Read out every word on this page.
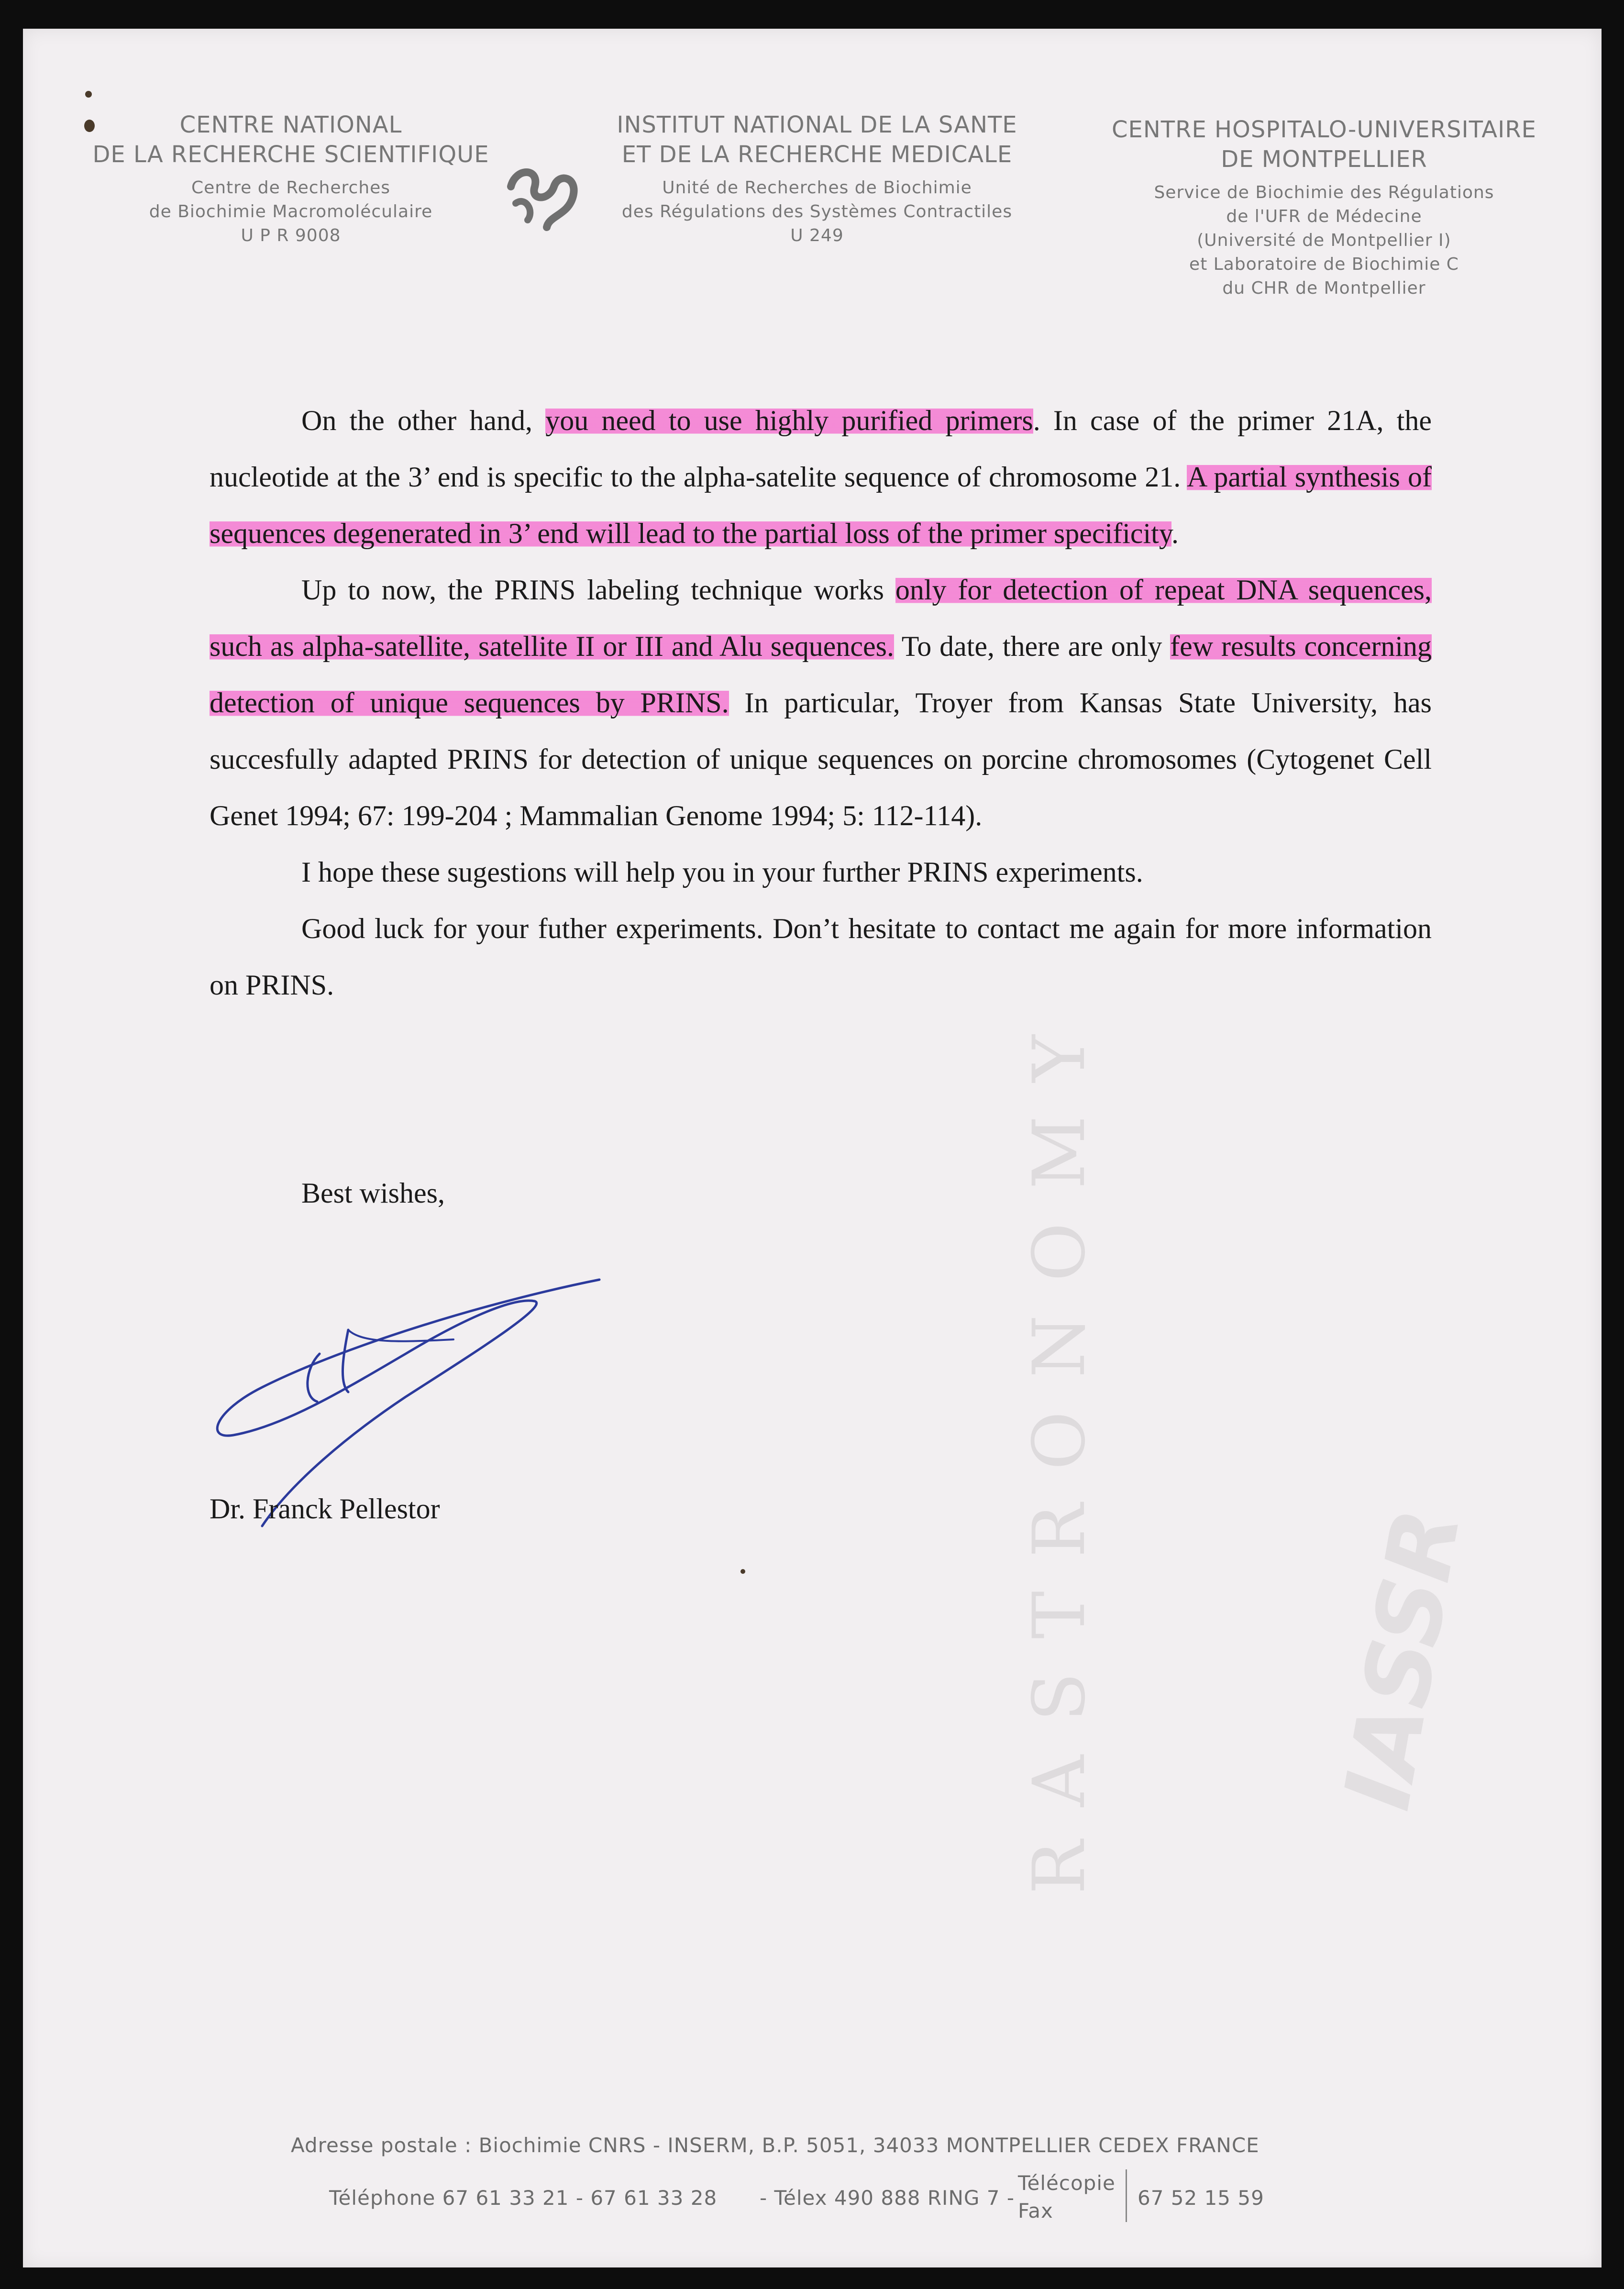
CENTRE NATIONAL
DE LA RECHERCHE SCIENTIFIQUE
Centre de Recherches
de Biochimie Macromoléculaire
U P R 9008
INSTITUT NATIONAL DE LA SANTE
ET DE LA RECHERCHE MEDICALE
Unité de Recherches de Biochimie
des Régulations des Systèmes Contractiles
U 249
CENTRE HOSPITALO-UNIVERSITAIRE
DE MONTPELLIER
Service de Biochimie des Régulations
de l'UFR de Médecine
(Université de Montpellier I)
et Laboratoire de Biochimie C
du CHR de Montpellier
RASTRONOMY IASSR

On the other hand, you need to use highly purified primers. In case of the primer 21A, the nucleotide at the 3’ end is specific to the alpha-satelite sequence of chromosome 21. A partial synthesis of sequences degenerated in 3’ end will lead to the partial loss of the primer specificity.

Up to now, the PRINS labeling technique works only for detection of repeat DNA sequences, such as alpha-satellite, satellite II or III and Alu sequences. To date, there are only few results concerning detection of unique sequences by PRINS. In particular, Troyer from Kansas State University, has succesfully adapted PRINS for detection of unique sequences on porcine chromosomes (Cytogenet Cell Genet 1994; 67: 199-204 ; Mammalian Genome 1994; 5: 112-114).

I hope these sugestions will help you in your further PRINS experiments.

Good luck for your futher experiments. Don’t hesitate to contact me again for more information on PRINS.

Best wishes,
Dr. Franck Pellestor
Adresse postale : Biochimie CNRS - INSERM, B.P. 5051, 34033 MONTPELLIER CEDEX FRANCE
Téléphone 67 61 33 21 - 67 61 33 28 - Télex 490 888 RING 7 -
Télécopie
Fax
67 52 15 59
